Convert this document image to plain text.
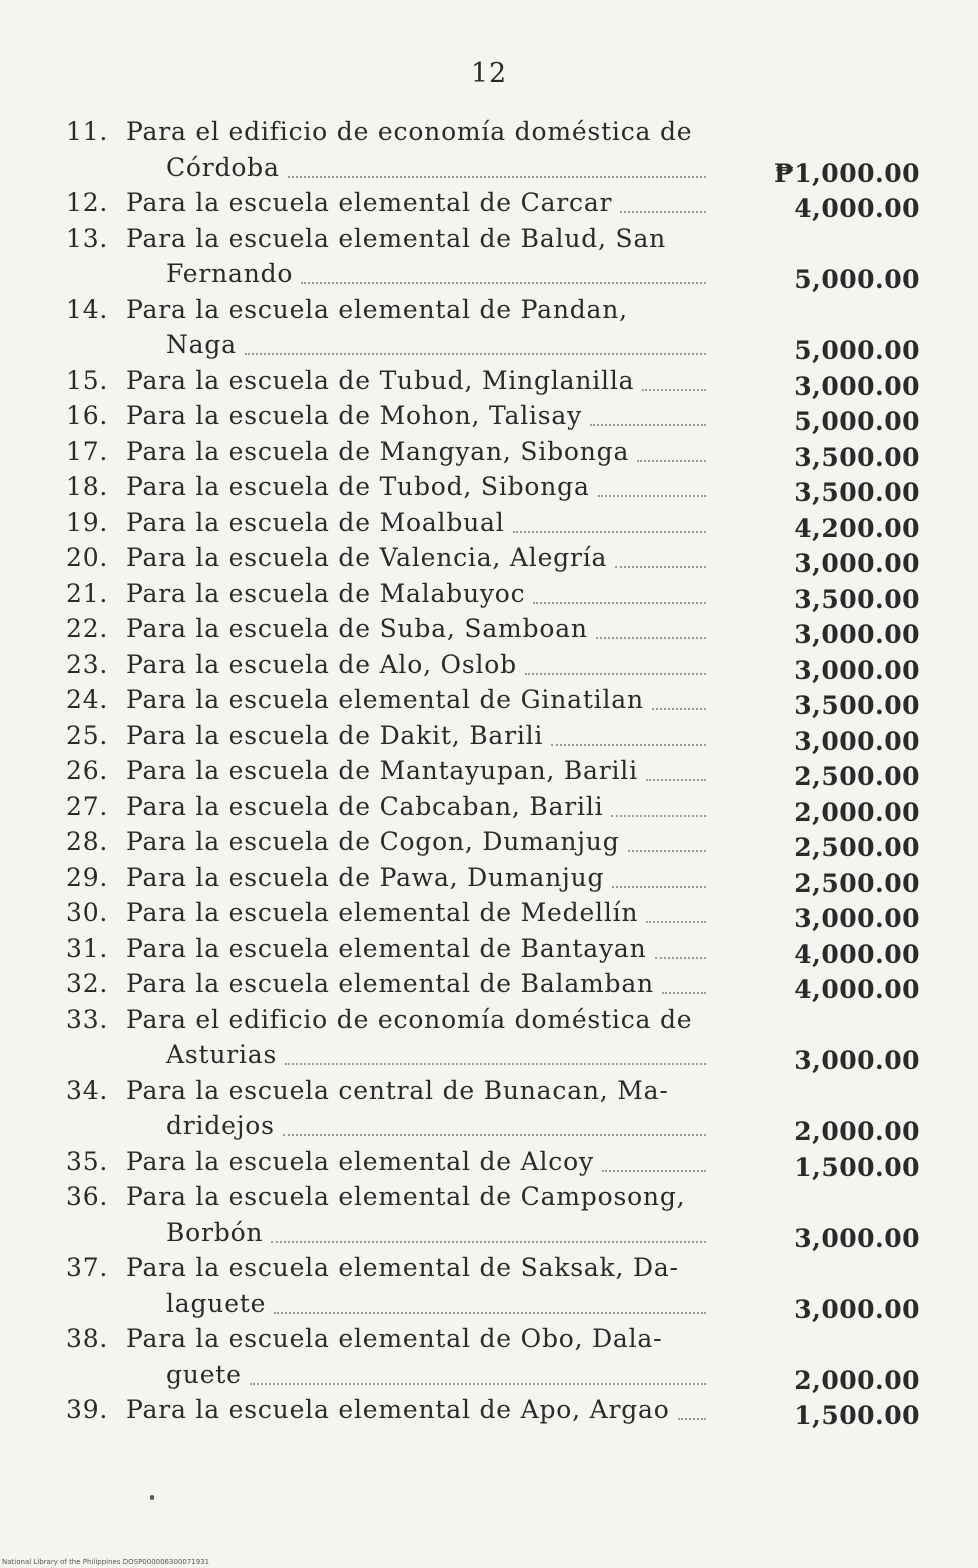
12
11. Para el edificio de economía doméstica de
Córdoba	₱1,000.00
12. Para la escuela elemental de Carcar	4,000.00
13. Para la escuela elemental de Balud, San
Fernando	5,000.00
14. Para la escuela elemental de Pandan,
Naga	5,000.00
15. Para la escuela de Tubud, Minglanilla	3,000.00
16. Para la escuela de Mohon, Talisay	5,000.00
17. Para la escuela de Mangyan, Sibonga	3,500.00
18. Para la escuela de Tubod, Sibonga	3,500.00
19. Para la escuela de Moalbual	4,200.00
20. Para la escuela de Valencia, Alegría	3,000.00
21. Para la escuela de Malabuyoc	3,500.00
22. Para la escuela de Suba, Samboan	3,000.00
23. Para la escuela de Alo, Oslob	3,000.00
24. Para la escuela elemental de Ginatilan	3,500.00
25. Para la escuela de Dakit, Barili	3,000.00
26. Para la escuela de Mantayupan, Barili	2,500.00
27. Para la escuela de Cabcaban, Barili	2,000.00
28. Para la escuela de Cogon, Dumanjug	2,500.00
29. Para la escuela de Pawa, Dumanjug	2,500.00
30. Para la escuela elemental de Medellín	3,000.00
31. Para la escuela elemental de Bantayan	4,000.00
32. Para la escuela elemental de Balamban	4,000.00
33. Para el edificio de economía doméstica de
Asturias	3,000.00
34. Para la escuela central de Bunacan, Ma-
dridejos	2,000.00
35. Para la escuela elemental de Alcoy	1,500.00
36. Para la escuela elemental de Camposong,
Borbón	3,000.00
37. Para la escuela elemental de Saksak, Da-
laguete	3,000.00
38. Para la escuela elemental de Obo, Dala-
guete	2,000.00
39. Para la escuela elemental de Apo, Argao	1,500.00
National Library of the Philippines DOSP000006300071931
